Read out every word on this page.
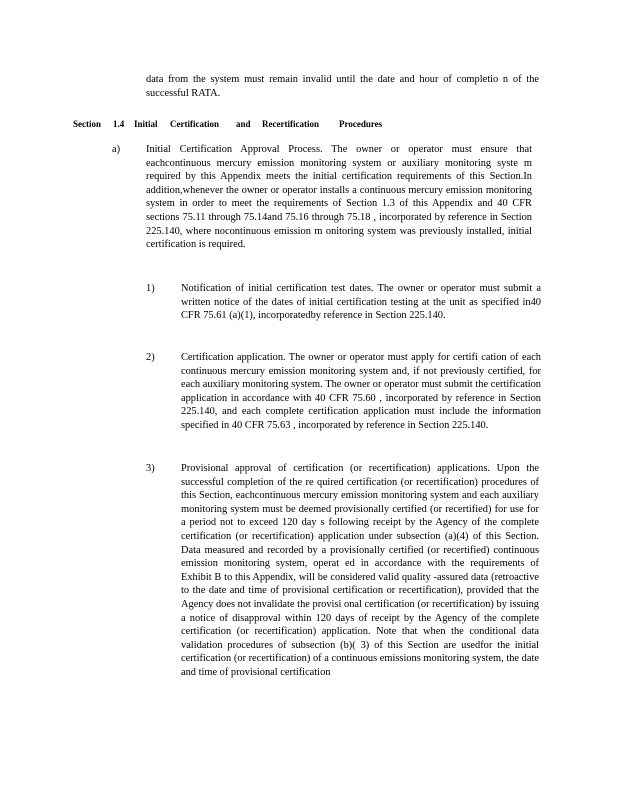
data from the system must remain invalid until the date and hour of completio n of the successful RATA.

Section 1.4 Initial Certification and Recertification Procedures
a) Initial Certification Approval Process. The owner or operator must ensure that eachcontinuous mercury emission monitoring system or auxiliary monitoring syste m required by this Appendix meets the initial certification requirements of this Section.In addition,whenever the owner or operator installs a continuous mercury emission monitoring system in order to meet the requirements of Section 1.3 of this Appendix and 40 CFR sections 75.11 through 75.14and 75.16 through 75.18 , incorporated by reference in Section 225.140, where nocontinuous emission m onitoring system was previously installed, initial certification is required.

1)	Notification of initial certification test dates. The owner or operator must submit a written notice of the dates of initial certification testing at the unit as specified in40 CFR 75.61 (a)(1), incorporatedby reference in Section 225.140.

2)	Certification application. The owner or operator must apply for certifi cation of each continuous mercury emission monitoring system and, if not previously certified, for each auxiliary monitoring system. The owner or operator must submit the certification application in accordance with 40 CFR 75.60 , incorporated by reference in Section 225.140, and each complete certification application must include the information specified in 40 CFR 75.63 , incorporated by reference in Section 225.140.

3)	Provisional approval of certification (or recertification) applications. Upon the successful completion of the re quired certification (or recertification) procedures of this Section, eachcontinuous mercury emission monitoring system and each auxiliary monitoring system must be deemed provisionally certified (or recertified) for use for a period not to exceed 120 day s following receipt by the Agency of the complete certification (or recertification) application under subsection (a)(4) of this Section. Data measured and recorded by a provisionally certified (or recertified) continuous emission monitoring system, operat ed in accordance with the requirements of Exhibit B to this Appendix, will be considered valid quality -assured data (retroactive to the date and time of provisional certification or recertification), provided that the Agency does not invalidate the provisi onal certification (or recertification) by issuing a notice of disapproval within 120 days of receipt by the Agency of the complete certification (or recertification) application. Note that when the conditional data validation procedures of subsection (b)( 3) of this Section are usedfor the initial certification (or recertification) of a continuous emissions monitoring system, the date and time of provisional certification
